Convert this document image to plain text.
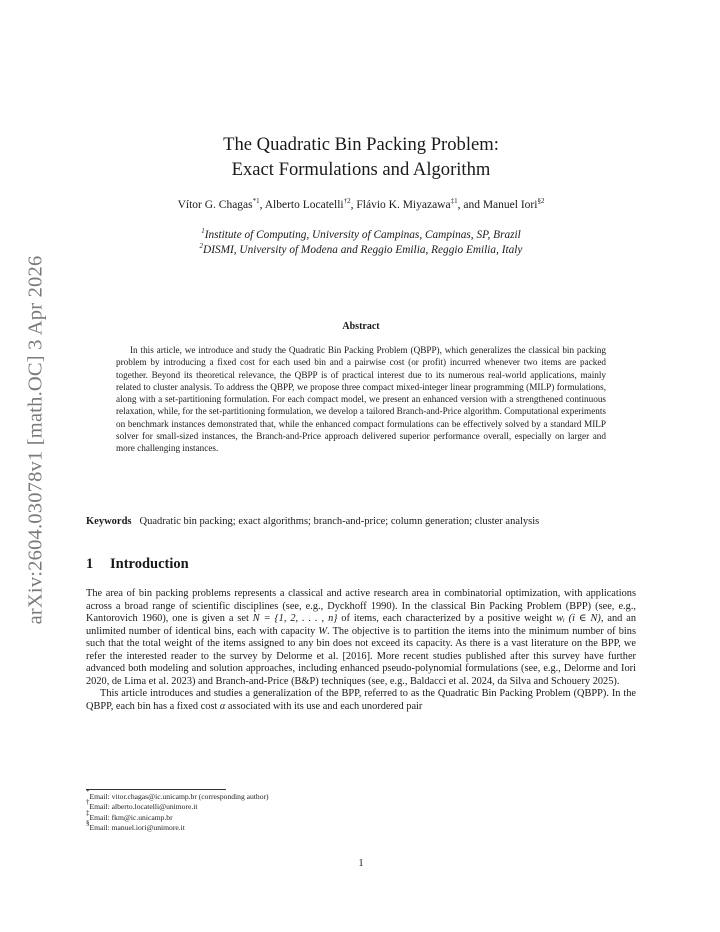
arXiv:2604.03078v1 [math.OC] 3 Apr 2026
The Quadratic Bin Packing Problem:
Exact Formulations and Algorithm
Vítor G. Chagas$^{*1}$, Alberto Locatelli$^{\dagger 2}$, Flávio K. Miyazawa$^{\ddagger 1}$, and Manuel Iori$^{\S 2}$
$^1$Institute of Computing, University of Campinas, Campinas, SP, Brazil
$^2$DISMI, University of Modena and Reggio Emilia, Reggio Emilia, Italy
Abstract
In this article, we introduce and study the Quadratic Bin Packing Problem (QBPP), which generalizes the classical bin packing problem by introducing a fixed cost for each used bin and a pairwise cost (or profit) incurred whenever two items are packed together. Beyond its theoretical relevance, the QBPP is of practical interest due to its numerous real-world applications, mainly related to cluster analysis. To address the QBPP, we propose three compact mixed-integer linear programming (MILP) formulations, along with a set-partitioning formulation. For each compact model, we present an enhanced version with a strengthened continuous relaxation, while, for the set-partitioning formulation, we develop a tailored Branch-and-Price algorithm. Computational experiments on benchmark instances demonstrated that, while the enhanced compact formulations can be effectively solved by a standard MILP solver for small-sized instances, the Branch-and-Price approach delivered superior performance overall, especially on larger and more challenging instances.
Keywords Quadratic bin packing; exact algorithms; branch-and-price; column generation; cluster analysis
1 Introduction

The area of bin packing problems represents a classical and active research area in combinatorial optimization, with applications across a broad range of scientific disciplines (see, e.g., Dyckhoff 1990). In the classical Bin Packing Problem (BPP) (see, e.g., Kantorovich 1960), one is given a set N = {1, 2, . . . , n} of items, each characterized by a positive weight wᵢ (i ∈ N), and an unlimited number of identical bins, each with capacity W. The objective is to partition the items into the minimum number of bins such that the total weight of the items assigned to any bin does not exceed its capacity. As there is a vast literature on the BPP, we refer the interested reader to the survey by Delorme et al. [2016]. More recent studies published after this survey have further advanced both modeling and solution approaches, including enhanced pseudo-polynomial formulations (see, e.g., Delorme and Iori 2020, de Lima et al. 2023) and Branch-and-Price (B&P) techniques (see, e.g., Baldacci et al. 2024, da Silva and Schouery 2025).

This article introduces and studies a generalization of the BPP, referred to as the Quadratic Bin Packing Problem (QBPP). In the QBPP, each bin has a fixed cost α associated with its use and each unordered pair

*Email: vitor.chagas@ic.unicamp.br (corresponding author)
†Email: alberto.locatelli@unimore.it
‡Email: fkm@ic.unicamp.br
§Email: manuel.iori@unimore.it
1
